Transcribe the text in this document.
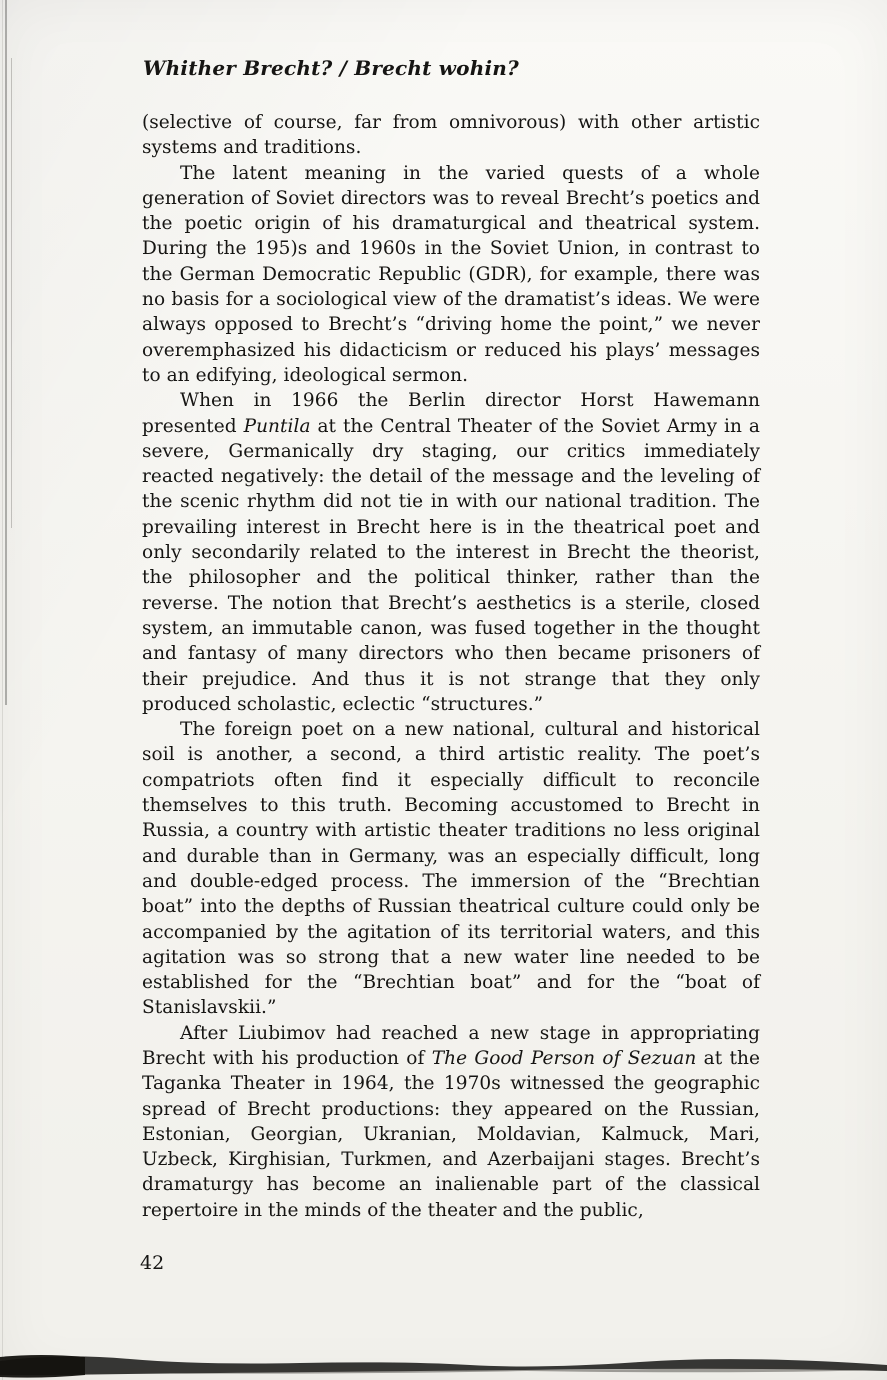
Whither Brecht? / Brecht wohin?

(selective of course, far from omnivorous) with other artistic systems and traditions.

The latent meaning in the varied quests of a whole generation of Soviet directors was to reveal Brecht’s poetics and the poetic origin of his dramaturgical and theatrical system. During the 195)s and 1960s in the Soviet Union, in contrast to the German Democratic Republic (GDR), for example, there was no basis for a sociological view of the dramatist’s ideas. We were always opposed to Brecht’s “driving home the point,” we never overemphasized his didacticism or reduced his plays’ messages to an edifying, ideological sermon.

When in 1966 the Berlin director Horst Hawemann presented Puntila at the Central Theater of the Soviet Army in a severe, Germanically dry staging, our critics immediately reacted negatively: the detail of the message and the leveling of the scenic rhythm did not tie in with our national tradition. The prevailing interest in Brecht here is in the theatrical poet and only secondarily related to the interest in Brecht the theorist, the philosopher and the political thinker, rather than the reverse. The notion that Brecht’s aesthetics is a sterile, closed system, an immutable canon, was fused together in the thought and fantasy of many directors who then became prisoners of their prejudice. And thus it is not strange that they only produced scholastic, eclectic “structures.”

The foreign poet on a new national, cultural and historical soil is another, a second, a third artistic reality. The poet’s compatriots often find it especially difficult to reconcile themselves to this truth. Becoming accustomed to Brecht in Russia, a country with artistic theater traditions no less original and durable than in Germany, was an especially difficult, long and double-edged process. The immersion of the “Brechtian boat” into the depths of Russian theatrical culture could only be accompanied by the agitation of its territorial waters, and this agitation was so strong that a new water line needed to be established for the “Brechtian boat” and for the “boat of Stanislavskii.”

After Liubimov had reached a new stage in appropriating Brecht with his production of The Good Person of Sezuan at the Taganka Theater in 1964, the 1970s witnessed the geographic spread of Brecht productions: they appeared on the Russian, Estonian, Georgian, Ukranian, Moldavian, Kalmuck, Mari, Uzbeck, Kirghisian, Turkmen, and Azerbaijani stages. Brecht’s dramaturgy has become an inalienable part of the classical repertoire in the minds of the theater and the public,

42
